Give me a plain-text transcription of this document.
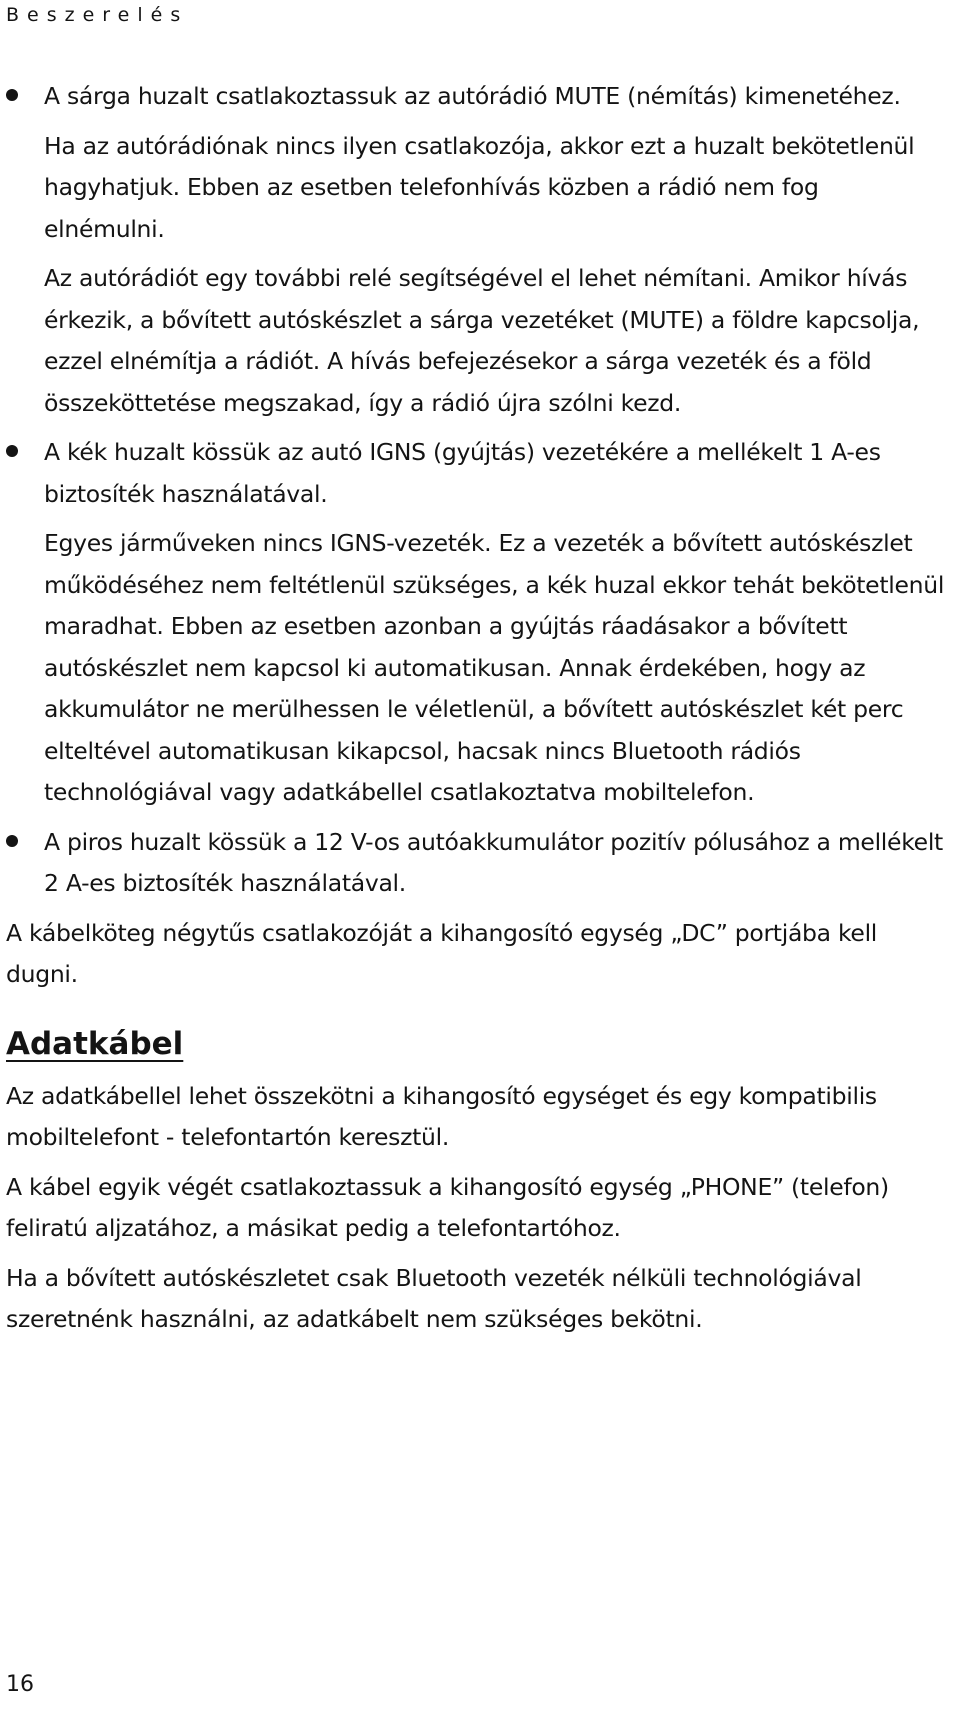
Beszerelés

A sárga huzalt csatlakoztassuk az autórádió MUTE (némítás) kimenetéhez.

Ha az autórádiónak nincs ilyen csatlakozója, akkor ezt a huzalt bekötetlenül hagyhatjuk. Ebben az esetben telefonhívás közben a rádió nem fog elnémulni.

Az autórádiót egy további relé segítségével el lehet némítani. Amikor hívás érkezik, a bővített autóskészlet a sárga vezetéket (MUTE) a földre kapcsolja, ezzel elnémítja a rádiót. A hívás befejezésekor a sárga vezeték és a föld összeköttetése megszakad, így a rádió újra szólni kezd.

A kék huzalt kössük az autó IGNS (gyújtás) vezetékére a mellékelt 1 A-es biztosíték használatával.

Egyes járműveken nincs IGNS-vezeték. Ez a vezeték a bővített autóskészlet működéséhez nem feltétlenül szükséges, a kék huzal ekkor tehát bekötetlenül maradhat. Ebben az esetben azonban a gyújtás ráadásakor a bővített autóskészlet nem kapcsol ki automatikusan. Annak érdekében, hogy az akkumulátor ne merülhessen le véletlenül, a bővített autóskészlet két perc elteltével automatikusan kikapcsol, hacsak nincs Bluetooth rádiós technológiával vagy adatkábellel csatlakoztatva mobiltelefon.

A piros huzalt kössük a 12 V-os autóakkumulátor pozitív pólusához a mellékelt 2 A-es biztosíték használatával.

A kábelköteg négytűs csatlakozóját a kihangosító egység „DC” portjába kell dugni.

Adatkábel

Az adatkábellel lehet összekötni a kihangosító egységet és egy kompatibilis mobiltelefont - telefontartón keresztül.

A kábel egyik végét csatlakoztassuk a kihangosító egység „PHONE” (telefon) feliratú aljzatához, a másikat pedig a telefontartóhoz.

Ha a bővített autóskészletet csak Bluetooth vezeték nélküli technológiával szeretnénk használni, az adatkábelt nem szükséges bekötni.

16
